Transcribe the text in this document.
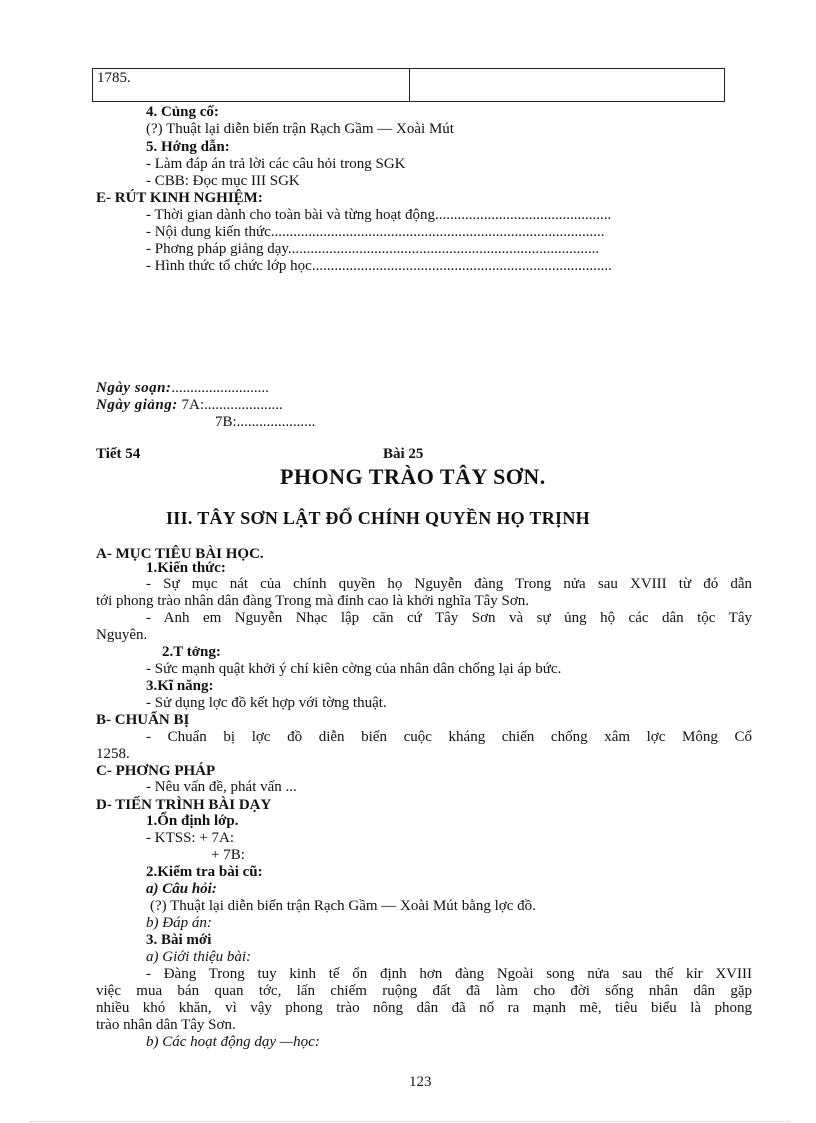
1785.	
4. Củng cố:
(?) Thuật lại diễn biến trận Rạch Gầm — Xoài Mút
5. Hớng dẫn:
- Làm đáp án trả lời các câu hỏi trong SGK
- CBB: Đọc mục III SGK
E- RÚT KINH NGHIỆM:
- Thời gian dành cho toàn bài và từng hoạt động...............................................
- Nội dung kiến thức.........................................................................................
- Phơng pháp giảng dạy...................................................................................
- Hình thức tổ chức lớp học................................................................................
Ngày soạn:..........................
Ngày giảng: 7A:.....................
7B:.....................
Tiết 54	Bài 25
PHONG TRÀO TÂY SƠN.
III. TÂY SƠN LẬT ĐỔ CHÍNH QUYỀN HỌ TRỊNH
A- MỤC TIÊU BÀI HỌC.
1.Kiến thức:
- Sự mục nát của chính quyền họ Nguyễn đàng Trong nửa sau XVIII từ đó dẫn
tới phong trào nhân dân đàng Trong mà đỉnh cao là khởi nghĩa Tây Sơn.
- Anh em Nguyễn Nhạc lập căn cứ Tây Sơn và sự ủng hộ các dân tộc Tây
Nguyên.
2.T tởng:
- Sức mạnh quật khởi ý chí kiên cờng của nhân dân chống lại áp bức.
3.Kĩ năng:
- Sử dụng lợc đồ kết hợp với tờng thuật.
B- CHUẨN BỊ
- Chuẩn bị lợc đồ diễn biến cuộc kháng chiến chống xâm lợc Mông Cổ
1258.
C- PHƠNG PHÁP
- Nêu vấn đề, phát vấn ...
D- TIẾN TRÌNH BÀI DẠY
1.Ổn định lớp.
- KTSS: + 7A:
+ 7B:
2.Kiểm tra bài cũ:
a) Câu hỏi:
(?) Thuật lại diễn biến trận Rạch Gầm — Xoài Mút bằng lợc đồ.
b) Đáp án:
3. Bài mới
a) Giới thiệu bài:
- Đàng Trong tuy kinh tế ổn định hơn đàng Ngoài song nửa sau thế kỉr XVIII
việc mua bán quan tớc, lấn chiếm ruộng đất đã làm cho đời sống nhân dân gặp
nhiều khó khăn, vì vậy phong trào nông dân đã nổ ra mạnh mẽ, tiêu biểu là phong
trào nhân dân Tây Sơn.
b) Các hoạt động dạy —học:
123
